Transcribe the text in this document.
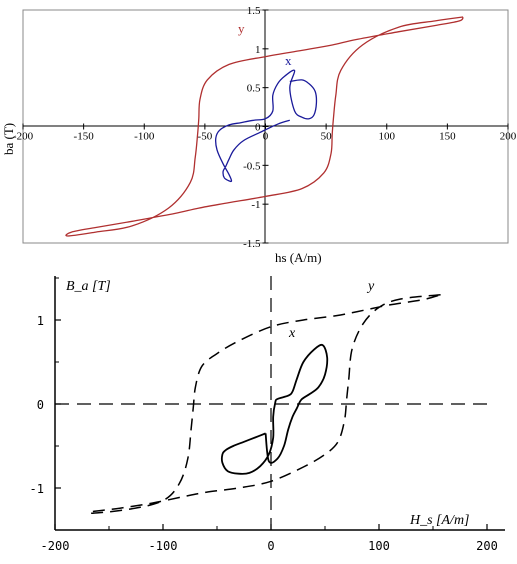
-200	-150	-100	-50	0	50	100	150	200
-1.5
-1
-0.5
0
0.5
1
1.5
y
x
hs (A/m)
ba (T)
-200	-100	0	100	200
-1
0
1
y
x
B_a [T]
H_s [A/m]
